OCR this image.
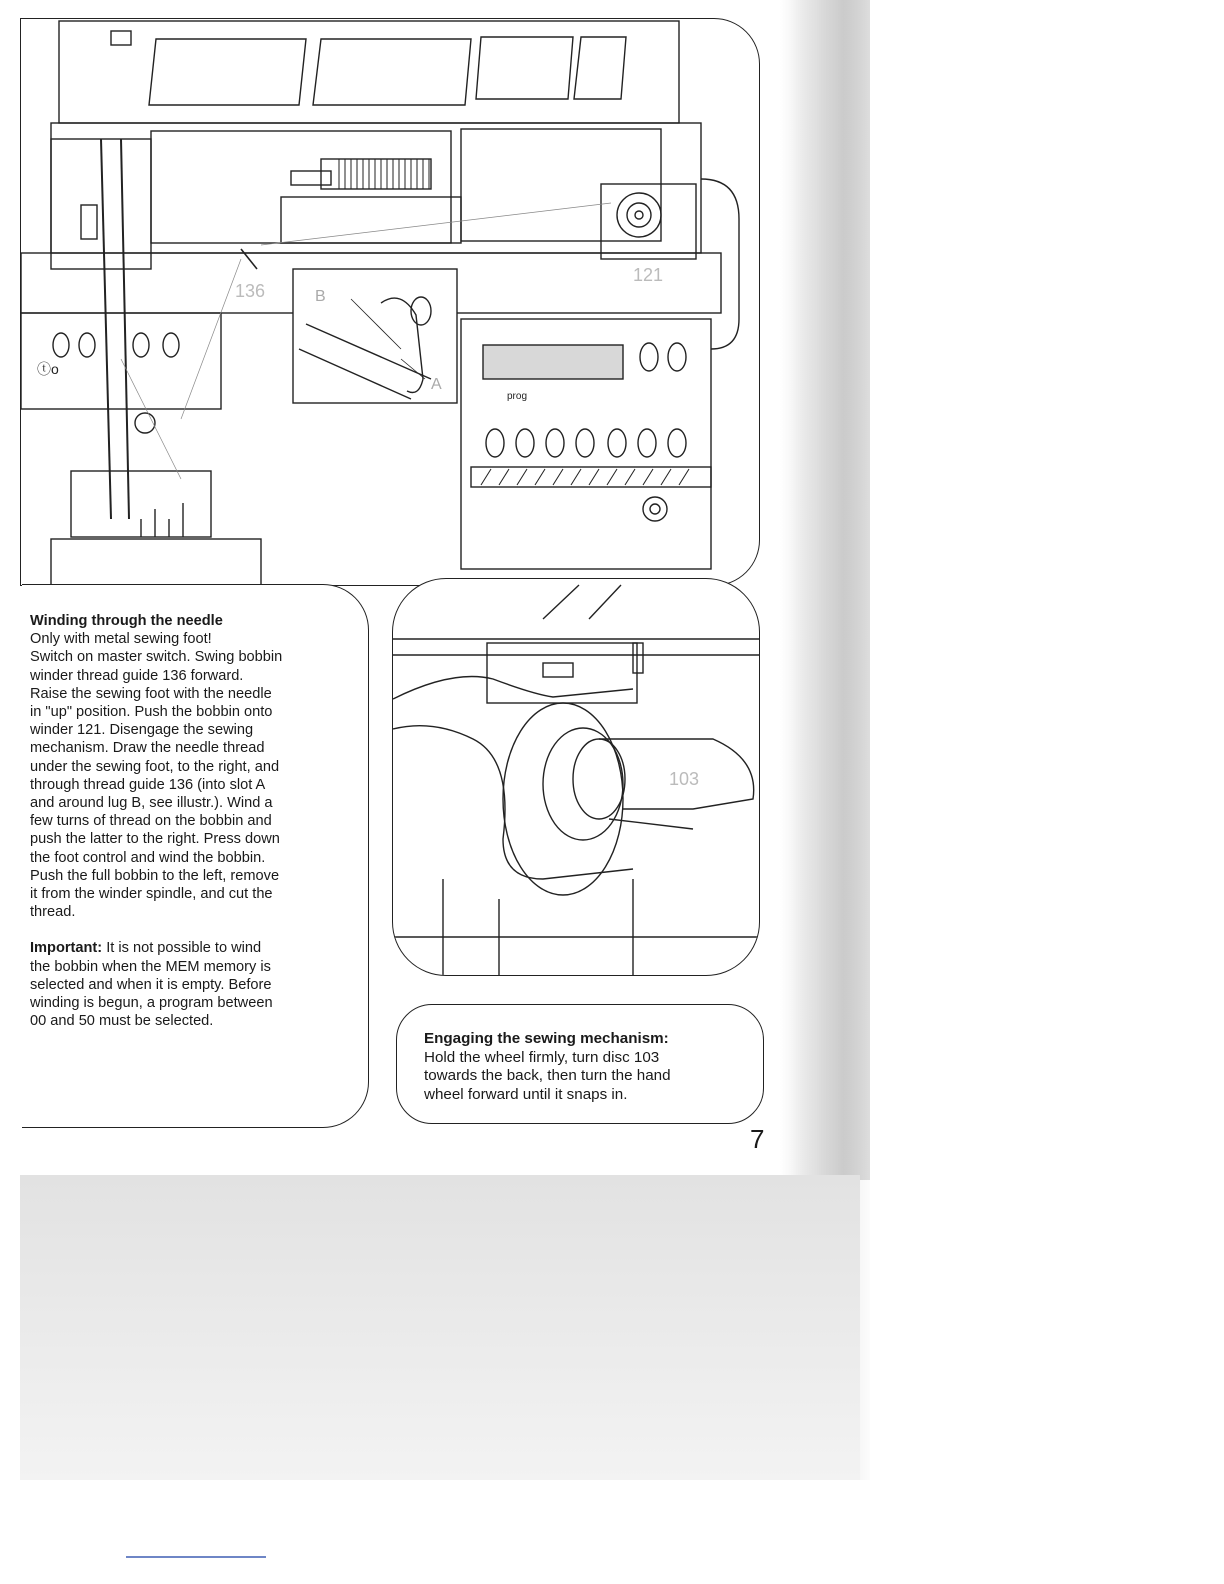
ⓣo
136
121
B
A
prog

Winding through the needle

Only with metal sewing foot!

Switch on master switch. Swing bobbin

winder thread guide 136 forward.

Raise the sewing foot with the needle

in "up" position. Push the bobbin onto

winder 121. Disengage the sewing

mechanism. Draw the needle thread

under the sewing foot, to the right, and

through thread guide 136 (into slot A

and around lug B, see illustr.). Wind a

few turns of thread on the bobbin and

push the latter to the right. Press down

the foot control and wind the bobbin.

Push the full bobbin to the left, remove

it from the winder spindle, and cut the

thread.

Important: It is not possible to wind

the bobbin when the MEM memory is

selected and when it is empty. Before

winding is begun, a program between

00 and 50 must be selected.

103

Engaging the sewing mechanism:

Hold the wheel firmly, turn disc 103

towards the back, then turn the hand

wheel forward until it snaps in.

7
